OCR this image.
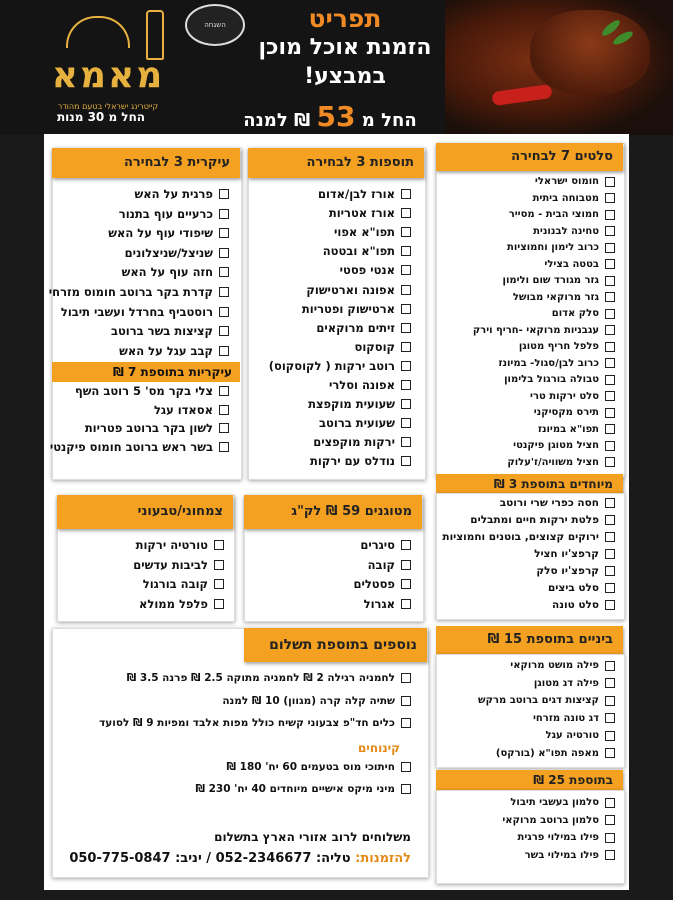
תפריט
הזמנת אוכל מוכן
במבצע!
החל מ 53 ₪ למנה
השגחה
מאמא
קייטרינג ישראלי בטעם מהודר
החל מ 30 מנות
סלטים 7 לבחירה
חומוס ישראלי
מטבוחה ביתית
חמוצי הבית - מסייר
טחינה לבנונית
כרוב לימון וחמוציות
בטטה בצילי
גזר מגורד שום ולימון
גזר מרוקאי מבושל
סלק אדום
עגבניות מרוקאי -חריף וירק
פלפל חריף מטוגן
כרוב לבן/סגול- במיונז
טבולה בורגול בלימון
סלט ירקות טרי
תירס מקסיקני
תפו"א במיונז
חציל מטוגן פיקנטי
חציל משוויה/ז'עלוק
מיוחדים בתוספת 3 ₪
חסה כפרי שרי ורוטב
פלטת ירקות חיים ומתבלים
ירוקים קצוצים, בוטנים וחמוציות
קרפצ'יו חציל
קרפצ'יו סלק
סלט ביצים
סלט טונה
תוספות 3 לבחירה
אורז לבן/אדום
אורז אטריות
תפו"א אפוי
תפו"א ובטטה
אנטי פסטי
אפונה וארטישוק
ארטישוק ופטריות
זיתים מרוקאים
קוסקוס
רוטב ירקות ( לקוסקוס)
אפונה וסלרי
שעועית מוקפצת
שעועית ברוטב
ירקות מוקפצים
נודלס עם ירקות
עיקרית 3 לבחירה
פרגית על האש
כרעיים עוף בתנור
שיפודי עוף על האש
שניצל/שניצלונים
חזה עוף על האש
קדרת בקר ברוטב חומוס מזרחי
רוסטביף בחרדל ועשבי תיבול
קציצות בשר ברוטב
קבב עגל על האש
עיקריות בתוספת 7 ₪
צלי בקר מס' 5 רוטב השף
אסאדו עגל
לשון בקר ברוטב פטריות
בשר ראש ברוטב חומוס פיקנטי
צמחוני/טבעוני
טורטיה ירקות
לביבות עדשים
קובה בורגול
פלפל ממולא
מטוגנים 59 ₪ לק"ג
סיגרים
קובה
פסטלים
אגרול
נוספים בתוספת תשלום
לחמניה רגילה 2 ₪ לחמניה מתוקה 2.5 ₪ פרנה 3.5 ₪
שתיה קלה קרה (מגוון) 10 ₪ למנה
כלים חד"פ צבעוני קשיח כולל מפות אלבד ומפיות 9 ₪ לסועד
קינוחים
חיתוכי מוס בטעמים 60 יח' 180 ₪
מיני מיקס אישיים מיוחדים 40 יח' 230 ₪
משלוחים לרוב אזורי הארץ בתשלום
להזמנות: טליה: 052-2346677 / יניב: 050-775-0847
ביניים בתוספת 15 ₪
פילה מושט מרוקאי
פילה דג מטוגן
קציצות דגים ברוטב מרקש
דג טונה מזרחי
טורטיה עגל
מאפה תפו"א (בורקס)
בתוספת 25 ₪
סלמון בעשבי תיבול
סלמון ברוטב מרוקאי
פילו במילוי פרגית
פילו במילוי בשר
